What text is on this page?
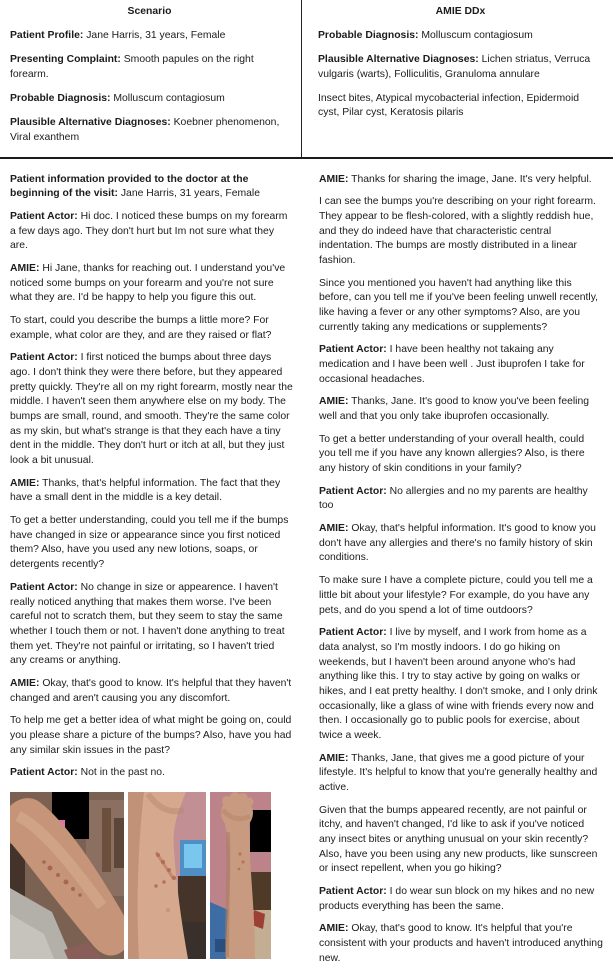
Scenario

Patient Profile: Jane Harris, 31 years, Female

Presenting Complaint: Smooth papules on the right forearm.

Probable Diagnosis: Molluscum contagiosum

Plausible Alternative Diagnoses: Koebner phenomenon, Viral exanthem

AMIE DDx

Probable Diagnosis: Molluscum contagiosum

Plausible Alternative Diagnoses: Lichen striatus, Verruca vulgaris (warts), Folliculitis, Granuloma annulare

Insect bites, Atypical mycobacterial infection, Epidermoid cyst, Pilar cyst, Keratosis pilaris

Patient information provided to the doctor at the beginning of the visit: Jane Harris, 31 years, Female

Patient Actor: Hi doc. I noticed these bumps on my forearm a few days ago. They don't hurt but Im not sure what they are.

AMIE: Hi Jane, thanks for reaching out. I understand you've noticed some bumps on your forearm and you're not sure what they are. I'd be happy to help you figure this out.

To start, could you describe the bumps a little more? For example, what color are they, and are they raised or flat?

Patient Actor: I first noticed the bumps about three days ago. I don't think they were there before, but they appeared pretty quickly. They're all on my right forearm, mostly near the middle. I haven't seen them anywhere else on my body. The bumps are small, round, and smooth. They're the same color as my skin, but what's strange is that they each have a tiny dent in the middle. They don't hurt or itch at all, but they just look a bit unusual.

AMIE: Thanks, that's helpful information. The fact that they have a small dent in the middle is a key detail.

To get a better understanding, could you tell me if the bumps have changed in size or appearance since you first noticed them? Also, have you used any new lotions, soaps, or detergents recently?

Patient Actor: No change in size or appearence. I haven't really noticed anything that makes them worse. I've been careful not to scratch them, but they seem to stay the same whether I touch them or not. I haven't done anything to treat them yet. They're not painful or irritating, so I haven't tried any creams or anything.

AMIE: Okay, that's good to know. It's helpful that they haven't changed and aren't causing you any discomfort.

To help me get a better idea of what might be going on, could you please share a picture of the bumps? Also, have you had any similar skin issues in the past?

Patient Actor: Not in the past no.

AMIE: Thanks for sharing the image, Jane. It's very helpful.

I can see the bumps you're describing on your right forearm. They appear to be flesh-colored, with a slightly reddish hue, and they do indeed have that characteristic central indentation. The bumps are mostly distributed in a linear fashion.

Since you mentioned you haven't had anything like this before, can you tell me if you've been feeling unwell recently, like having a fever or any other symptoms? Also, are you currently taking any medications or supplements?

Patient Actor: I have been healthy not takaing any medication and I have been well . Just ibuprofen I take for occasional headaches.

AMIE: Thanks, Jane. It's good to know you've been feeling well and that you only take ibuprofen occasionally.

To get a better understanding of your overall health, could you tell me if you have any known allergies? Also, is there any history of skin conditions in your family?

Patient Actor: No allergies and no my parents are healthy too

AMIE: Okay, that's helpful information. It's good to know you don't have any allergies and there's no family history of skin conditions.

To make sure I have a complete picture, could you tell me a little bit about your lifestyle? For example, do you have any pets, and do you spend a lot of time outdoors?

Patient Actor: I live by myself, and I work from home as a data analyst, so I'm mostly indoors. I do go hiking on weekends, but I haven't been around anyone who's had anything like this. I try to stay active by going on walks or hikes, and I eat pretty healthy. I don't smoke, and I only drink occasionally, like a glass of wine with friends every now and then. I occasionally go to public pools for exercise, about twice a week.

AMIE: Thanks, Jane, that gives me a good picture of your lifestyle. It's helpful to know that you're generally healthy and active.

Given that the bumps appeared recently, are not painful or itchy, and haven't changed, I'd like to ask if you've noticed any insect bites or anything unusual on your skin recently? Also, have you been using any new products, like sunscreen or insect repellent, when you go hiking?

Patient Actor: I do wear sun block on my hikes and no new products everything has been the same.

AMIE: Okay, that's good to know. It's helpful that you're consistent with your products and haven't introduced anything new.
